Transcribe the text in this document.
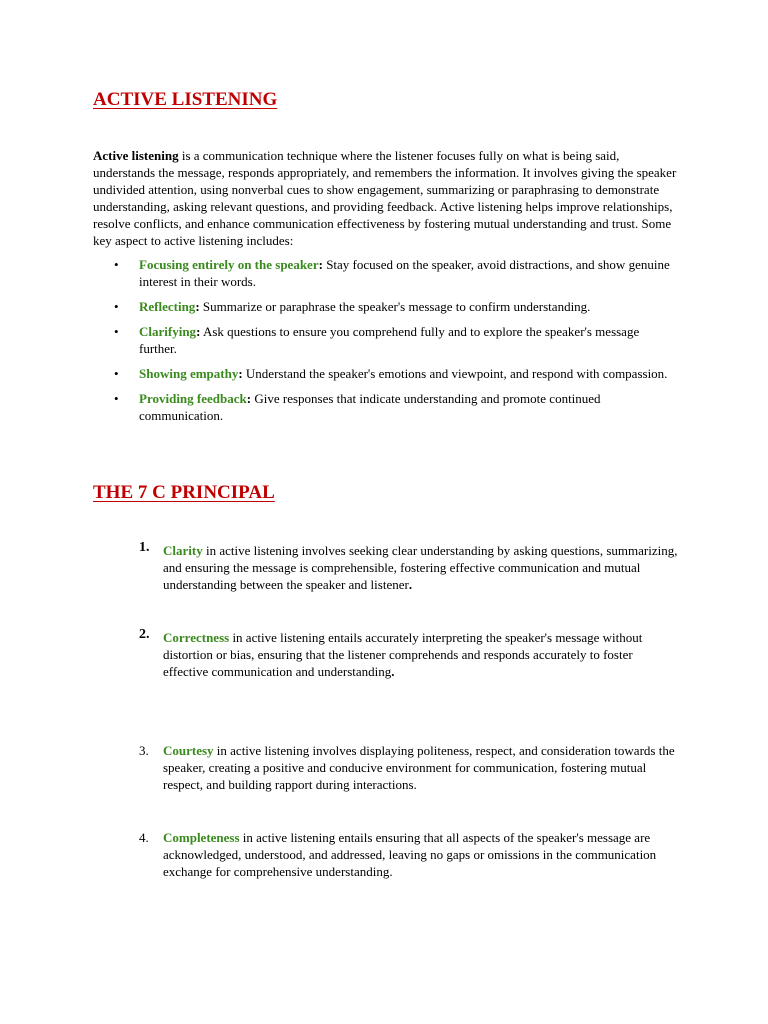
ACTIVE LISTENING

Active listening is a communication technique where the listener focuses fully on what is being said, understands the message, responds appropriately, and remembers the information. It involves giving the speaker undivided attention, using nonverbal cues to show engagement, summarizing or paraphrasing to demonstrate understanding, asking relevant questions, and providing feedback. Active listening helps improve relationships, resolve conflicts, and enhance communication effectiveness by fostering mutual understanding and trust. Some key aspect to active listening includes:

• Focusing entirely on the speaker: Stay focused on the speaker, avoid distractions, and show genuine interest in their words.
• Reflecting: Summarize or paraphrase the speaker's message to confirm understanding.
• Clarifying: Ask questions to ensure you comprehend fully and to explore the speaker's message further.
• Showing empathy: Understand the speaker's emotions and viewpoint, and respond with compassion.
• Providing feedback: Give responses that indicate understanding and promote continued communication.
THE 7 C PRINCIPAL

1. Clarity in active listening involves seeking clear understanding by asking questions, summarizing, and ensuring the message is comprehensible, fostering effective communication and mutual understanding between the speaker and listener.

2. Correctness in active listening entails accurately interpreting the speaker's message without distortion or bias, ensuring that the listener comprehends and responds accurately to foster effective communication and understanding.

3. Courtesy in active listening involves displaying politeness, respect, and consideration towards the speaker, creating a positive and conducive environment for communication, fostering mutual respect, and building rapport during interactions.

4. Completeness in active listening entails ensuring that all aspects of the speaker's message are acknowledged, understood, and addressed, leaving no gaps or omissions in the communication exchange for comprehensive understanding.
